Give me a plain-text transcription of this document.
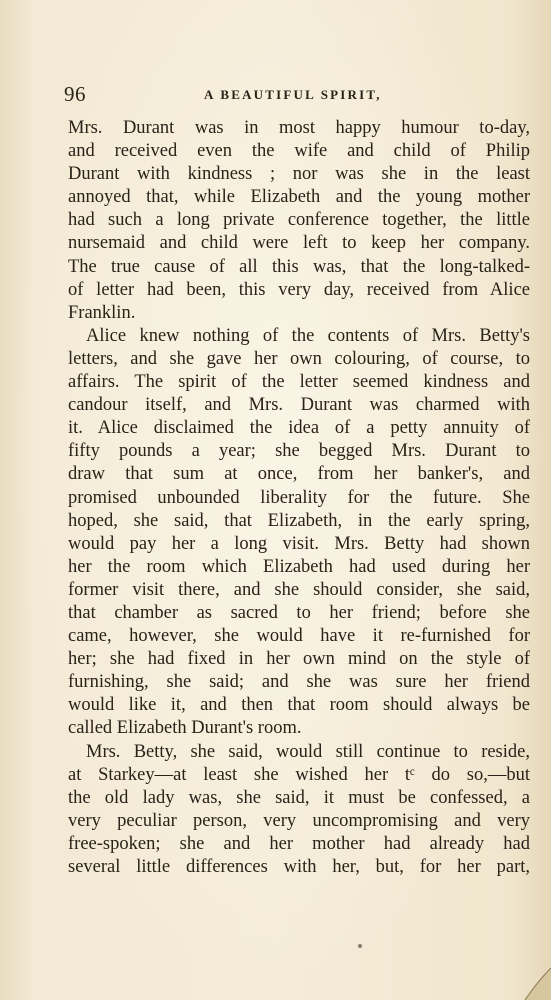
96	A BEAUTIFUL SPIRIT,
Mrs. Durant was in most happy humour to-day,
and received even the wife and child of Philip
Durant with kindness ; nor was she in the least
annoyed that, while Elizabeth and the young mother
had such a long private conference together, the little
nursemaid and child were left to keep her company.
The true cause of all this was, that the long-talked-
of letter had been, this very day, received from Alice
Franklin.
Alice knew nothing of the contents of Mrs. Betty's
letters, and she gave her own colouring, of course, to
affairs. The spirit of the letter seemed kindness and
candour itself, and Mrs. Durant was charmed with
it. Alice disclaimed the idea of a petty annuity of
fifty pounds a year; she begged Mrs. Durant to
draw that sum at once, from her banker's, and
promised unbounded liberality for the future. She
hoped, she said, that Elizabeth, in the early spring,
would pay her a long visit. Mrs. Betty had shown
her the room which Elizabeth had used during her
former visit there, and she should consider, she said,
that chamber as sacred to her friend; before she
came, however, she would have it re-furnished for
her; she had fixed in her own mind on the style of
furnishing, she said; and she was sure her friend
would like it, and then that room should always be
called Elizabeth Durant's room.
Mrs. Betty, she said, would still continue to reside,
at Starkey—at least she wished her tᶜ do so,—but
the old lady was, she said, it must be confessed, a
very peculiar person, very uncompromising and very
free-spoken; she and her mother had already had
several little differences with her, but, for her part,
